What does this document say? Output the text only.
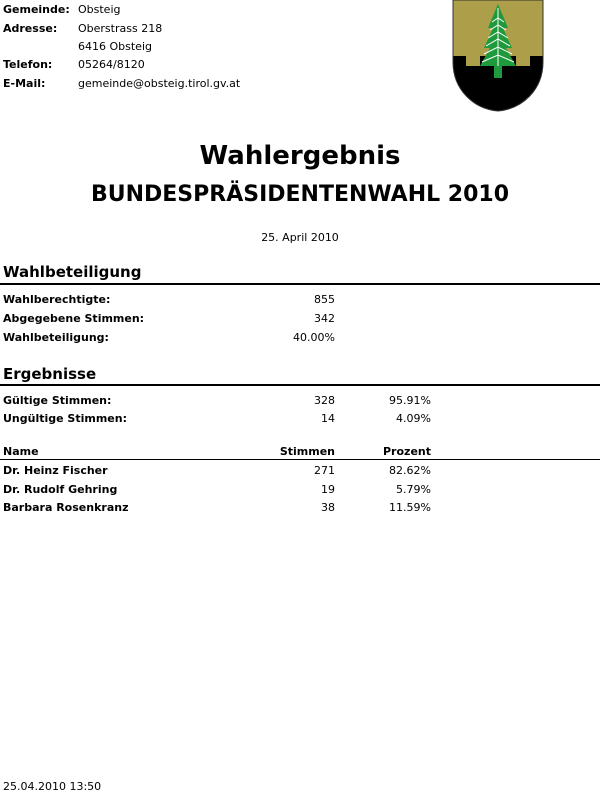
Gemeinde: Obsteig
Adresse: Oberstrass 218
6416 Obsteig
Telefon: 05264/8120
E-Mail:	gemeinde@obsteig.tirol.gv.at
Wahlergebnis
BUNDESPRÄSIDENTENWAHL 2010
25. April 2010
Wahlbeteiligung
Wahlberechtigte:	855
Abgegebene Stimmen:	342
Wahlbeteiligung:	40.00%
Ergebnisse
Gültige Stimmen:	328	95.91%
Ungültige Stimmen:	14	4.09%
Name	Stimmen	Prozent
Dr. Heinz Fischer	271	82.62%
Dr. Rudolf Gehring	19	5.79%
Barbara Rosenkranz	38	11.59%
25.04.2010 13:50
